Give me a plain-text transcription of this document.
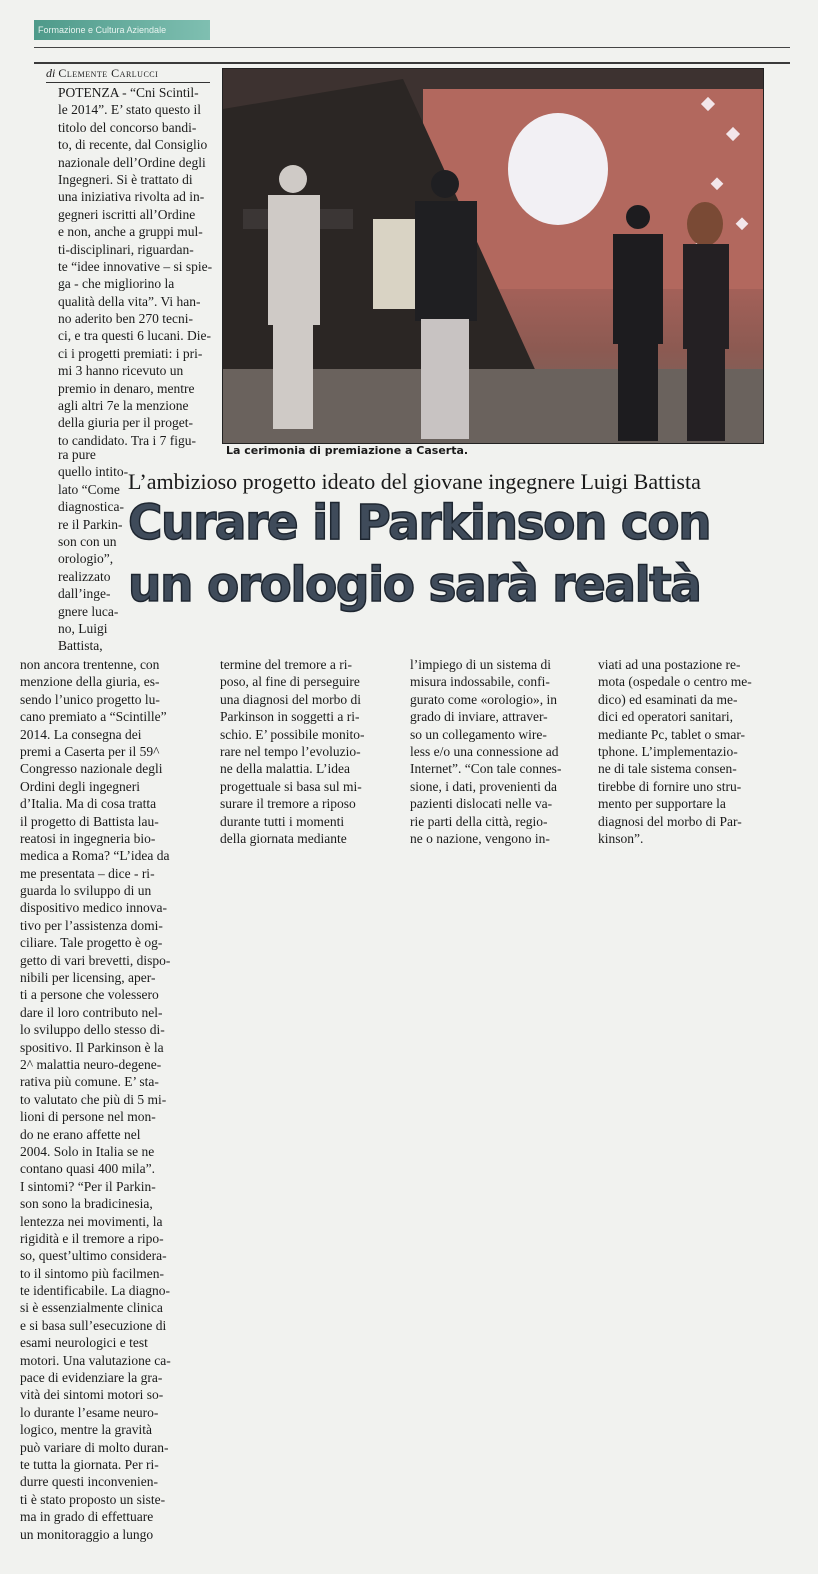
Formazione e Cultura Aziendale
di Clemente Carlucci
La cerimonia di premiazione a Caserta.
L’ambizioso progetto ideato del giovane ingegnere Luigi Battista
Curare il Parkinson con
un orologio sarà realtà
POTENZA - “Cni Scintil-
le 2014”. E’ stato questo il
titolo del concorso bandi-
to, di recente, dal Consiglio
nazionale dell’Ordine degli
Ingegneri. Si è trattato di
una iniziativa rivolta ad in-
gegneri iscritti all’Ordine
e non, anche a gruppi mul-
ti-disciplinari, riguardan-
te “idee innovative – si spie-
ga - che migliorino la
qualità della vita”. Vi han-
no aderito ben 270 tecni-
ci, e tra questi 6 lucani. Die-
ci i progetti premiati: i pri-
mi 3 hanno ricevuto un
premio in denaro, mentre
agli altri 7e la menzione
della giuria per il proget-
to candidato. Tra i 7 figu-
ra pure
quello intito-
lato “Come
diagnostica-
re il Parkin-
son con un
orologio”,
realizzato
dall’inge-
gnere luca-
no, Luigi
Battista,
non ancora trentenne, con
menzione della giuria, es-
sendo l’unico progetto lu-
cano premiato a “Scintille”
2014. La consegna dei
premi a Caserta per il 59^
Congresso nazionale degli
Ordini degli ingegneri
d’Italia. Ma di cosa tratta
il progetto di Battista lau-
reatosi in ingegneria bio-
medica a Roma? “L’idea da
me presentata – dice - ri-
guarda lo sviluppo di un
dispositivo medico innova-
tivo per l’assistenza domi-
ciliare. Tale progetto è og-
getto di vari brevetti, dispo-
nibili per licensing, aper-
ti a persone che volessero
dare il loro contributo nel-
lo sviluppo dello stesso di-
spositivo. Il Parkinson è la
2^ malattia neuro-degene-
rativa più comune. E’ sta-
to valutato che più di 5 mi-
lioni di persone nel mon-
do ne erano affette nel
2004. Solo in Italia se ne
contano quasi 400 mila”.
I sintomi? “Per il Parkin-
son sono la bradicinesia,
lentezza nei movimenti, la
rigidità e il tremore a ripo-
so, quest’ultimo considera-
to il sintomo più facilmen-
te identificabile. La diagno-
si è essenzialmente clinica
e si basa sull’esecuzione di
esami neurologici e test
motori. Una valutazione ca-
pace di evidenziare la gra-
vità dei sintomi motori so-
lo durante l’esame neuro-
logico, mentre la gravità
può variare di molto duran-
te tutta la giornata. Per ri-
durre questi inconvenien-
ti è stato proposto un siste-
ma in grado di effettuare
un monitoraggio a lungo
termine del tremore a ri-
poso, al fine di perseguire
una diagnosi del morbo di
Parkinson in soggetti a ri-
schio. E’ possibile monito-
rare nel tempo l’evoluzio-
ne della malattia. L’idea
progettuale si basa sul mi-
surare il tremore a riposo
durante tutti i momenti
della giornata mediante
l’impiego di un sistema di
misura indossabile, confi-
gurato come «orologio», in
grado di inviare, attraver-
so un collegamento wire-
less e/o una connessione ad
Internet”. “Con tale connes-
sione, i dati, provenienti da
pazienti dislocati nelle va-
rie parti della città, regio-
ne o nazione, vengono in-
viati ad una postazione re-
mota (ospedale o centro me-
dico) ed esaminati da me-
dici ed operatori sanitari,
mediante Pc, tablet o smar-
tphone. L’implementazio-
ne di tale sistema consen-
tirebbe di fornire uno stru-
mento per supportare la
diagnosi del morbo di Par-
kinson”.
